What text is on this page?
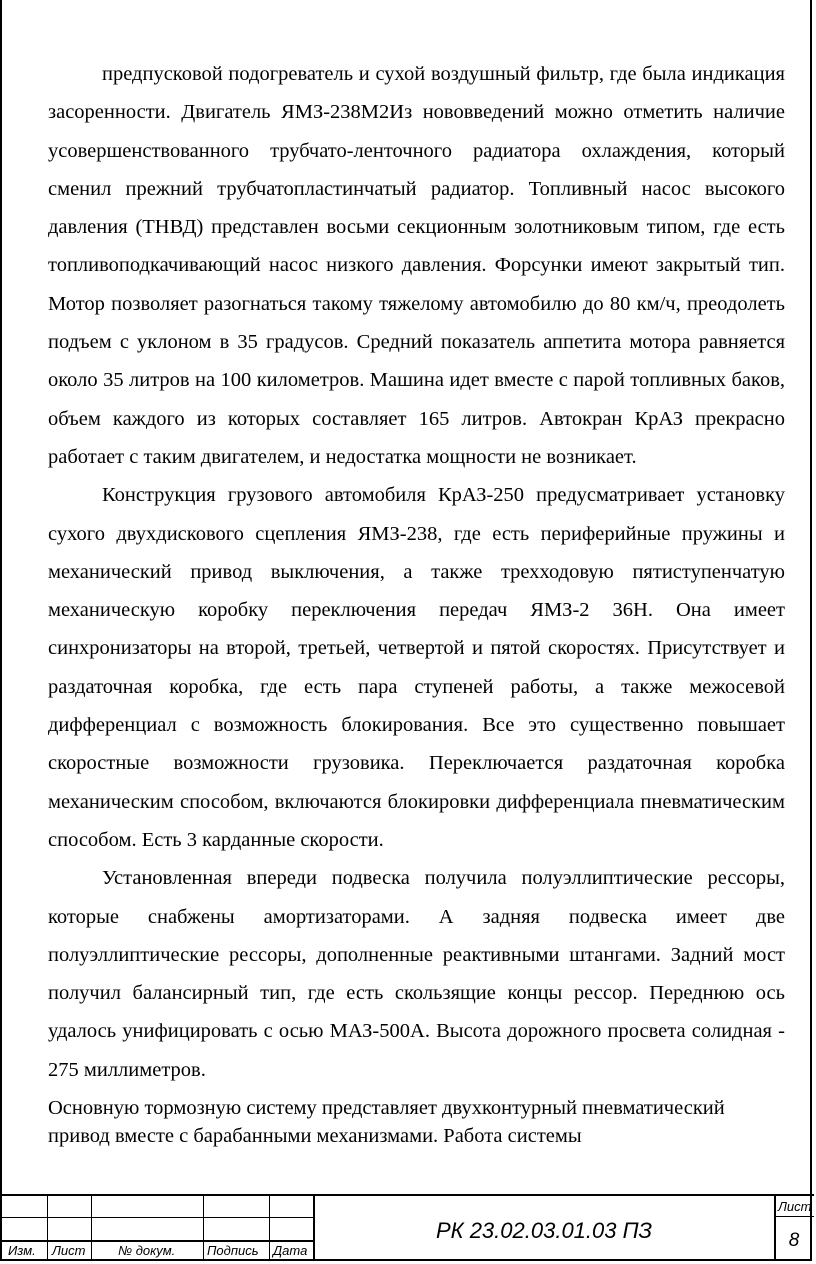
предпусковой подогреватель и сухой воздушный фильтр, где была индикация засоренности. Двигатель ЯМЗ-238М2Из нововведений можно отметить наличие усовершенствованного трубчато-ленточного радиатора охлаждения, который сменил прежний трубчатопластинчатый радиатор. Топливный насос высокого давления (ТНВД) представлен восьми секционным золотниковым типом, где есть топливоподкачивающий насос низкого давления. Форсунки имеют закрытый тип. Мотор позволяет разогнаться такому тяжелому автомобилю до 80 км/ч, преодолеть подъем с уклоном в 35 градусов. Средний показатель аппетита мотора равняется около 35 литров на 100 километров. Машина идет вместе с парой топливных баков, объем каждого из которых составляет 165 литров. Автокран КрАЗ прекрасно работает с таким двигателем, и недостатка мощности не возникает.

Конструкция грузового автомобиля КрАЗ-250 предусматривает установку сухого двухдискового сцепления ЯМЗ-238, где есть периферийные пружины и механический привод выключения, а также трехходовую пятиступенчатую механическую коробку переключения передач ЯМЗ-2 36Н. Она имеет синхронизаторы на второй, третьей, четвертой и пятой скоростях. Присутствует и раздаточная коробка, где есть пара ступеней работы, а также межосевой дифференциал с возможность блокирования. Все это существенно повышает скоростные возможности грузовика. Переключается раздаточная коробка механическим способом, включаются блокировки дифференциала пневматическим способом. Есть 3 карданные скорости.

Установленная впереди подвеска получила полуэллиптические рессоры, которые снабжены амортизаторами. А задняя подвеска имеет две полуэллиптические рессоры, дополненные реактивными штангами. Задний мост получил балансирный тип, где есть скользящие концы рессор. Переднюю ось удалось унифицировать с осью МАЗ-500А. Высота дорожного просвета солидная - 275 миллиметров.

Основную тормозную систему представляет двухконтурный пневматический привод вместе с барабанными механизмами. Работа системы

Изм. Лист	№ докум. Подпись Дата
Лист
РК 23.02.03.01.03 ПЗ	8
